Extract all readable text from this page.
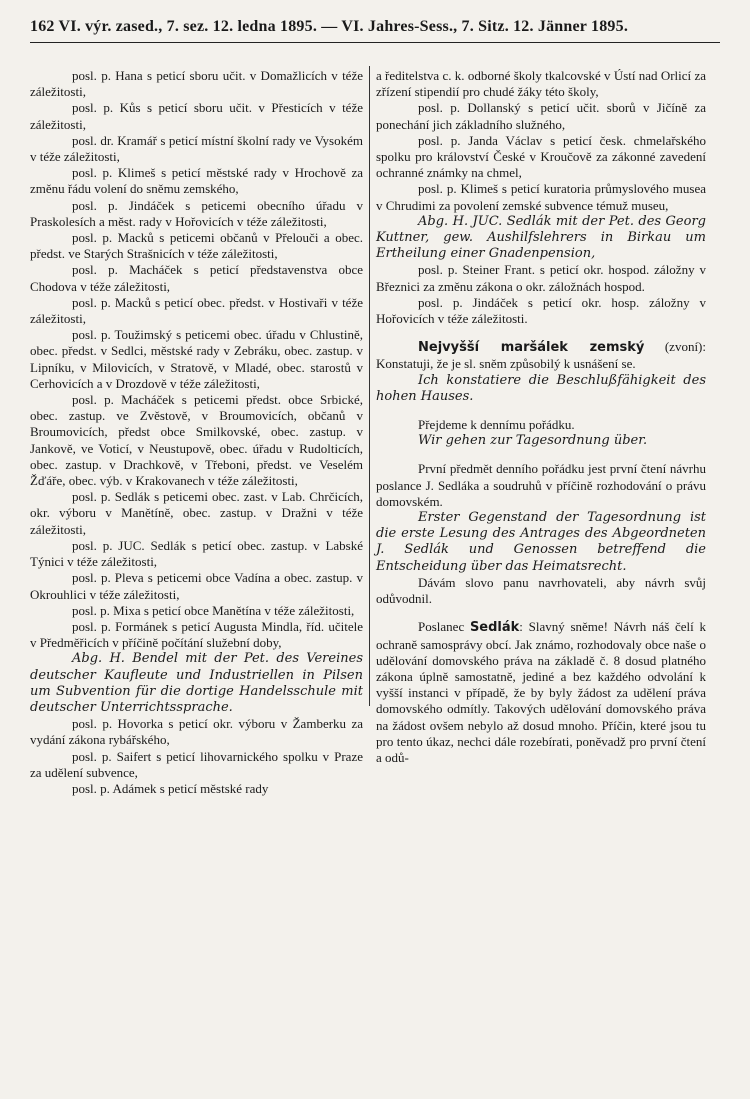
162 VI. výr. zased., 7. sez. 12. ledna 1895. — VI. Jahres-Sess., 7. Sitz. 12. Jänner 1895.

posl. p. Hana s peticí sboru učit. v Domažlicích v téže záležitosti,

posl. p. Kůs s peticí sboru učit. v Přesticích v téže záležitosti,

posl. dr. Kramář s peticí místní školní rady ve Vysokém v téže záležitosti,

posl. p. Klimeš s peticí městské rady v Hrochově za změnu řádu volení do sněmu zemského,

posl. p. Jindáček s peticemi obecního úřadu v Praskolesích a měst. rady v Hořovicích v téže záležitosti,

posl. p. Macků s peticemi občanů v Přelouči a obec. předst. ve Starých Strašnicích v téže záležitosti,

posl. p. Macháček s peticí představenstva obce Chodova v téže záležitosti,

posl. p. Macků s peticí obec. předst. v Hostivaři v téže záležitosti,

posl. p. Toužimský s peticemi obec. úřadu v Chlustině, obec. předst. v Sedlci, městské rady v Zebráku, obec. zastup. v Lipníku, v Milovicích, v Stratově, v Mladé, obec. starostů v Cerhovicích a v Drozdově v téže záležitosti,

posl. p. Macháček s peticemi předst. obce Srbické, obec. zastup. ve Zvěstově, v Broumovicích, občanů v Broumovicích, předst obce Smilkovské, obec. zastup. v Jankově, ve Voticí, v Neustupově, obec. úřadu v Rudolticích, obec. zastup. v Drachkově, v Třeboni, předst. ve Veselém Žďáře, obec. výb. v Krakovanech v téže záležitosti,

posl. p. Sedlák s peticemi obec. zast. v Lab. Chrčicích, okr. výboru v Manětíně, obec. zastup. v Dražni v téže záležitosti,

posl. p. JUC. Sedlák s peticí obec. zastup. v Labské Týnici v téže záležitosti,

posl. p. Pleva s peticemi obce Vadína a obec. zastup. v Okrouhlici v téže záležitosti,

posl. p. Mixa s peticí obce Manětína v téže záležitosti,

posl. p. Formánek s peticí Augusta Mindla, říd. učitele v Předměřicích v příčině počítání služební doby,

Abg. H. Bendel mit der Pet. des Vereines deutscher Kaufleute und Industriellen in Pilsen um Subvention für die dortige Handelsschule mit deutscher Unterrichtssprache.

posl. p. Hovorka s peticí okr. výboru v Žamberku za vydání zákona rybářského,

posl. p. Saifert s peticí lihovarnického spolku v Praze za udělení subvence,

posl. p. Adámek s peticí městské rady

a ředitelstva c. k. odborné školy tkalcovské v Ústí nad Orlicí za zřízení stipendií pro chudé žáky této školy,

posl. p. Dollanský s peticí učit. sborů v Jičíně za ponechání jich základního služného,

posl. p. Janda Václav s peticí česk. chmelařského spolku pro království České v Kroučově za zákonné zavedení ochranné známky na chmel,

posl. p. Klimeš s peticí kuratoria průmyslového musea v Chrudimi za povolení zemské subvence témuž museu,

Abg. H. JUC. Sedlák mit der Pet. des Georg Kuttner, gew. Aushilfslehrers in Birkau um Ertheilung einer Gnadenpension,

posl. p. Steiner Frant. s peticí okr. hospod. záložny v Březnici za změnu zákona o okr. záložnách hospod.

posl. p. Jindáček s peticí okr. hosp. záložny v Hořovicích v téže záležitosti.

Nejvyšší maršálek zemský (zvoní): Konstatuji, že je sl. sněm způsobilý k usnášení se.

Ich konstatiere die Beschlußfähigkeit des hohen Hauses.

Přejdeme k dennímu pořádku.

Wir gehen zur Tagesordnung über.

První předmět denního pořádku jest první čtení návrhu poslance J. Sedláka a soudruhů v příčině rozhodování o právu domovském.

Erster Gegenstand der Tagesordnung ist die erste Lesung des Antrages des Abgeordneten J. Sedlák und Genossen betreffend die Entscheidung über das Heimatsrecht.

Dávám slovo panu navrhovateli, aby návrh svůj odůvodnil.

Poslanec Sedlák: Slavný sněme! Návrh náš čelí k ochraně samosprávy obcí. Jak známo, rozhodovaly obce naše o udělování domovského práva na základě č. 8 dosud platného zákona úplně samostatně, jediné a bez každého odvolání k vyšší instanci v případě, že by byly žádost za udělení práva domovského odmítly. Takových udělování domovského práva na žádost ovšem nebylo až dosud mnoho. Příčin, které jsou tu pro tento úkaz, nechci dále rozebírati, poněvadž pro první čtení a odů-
